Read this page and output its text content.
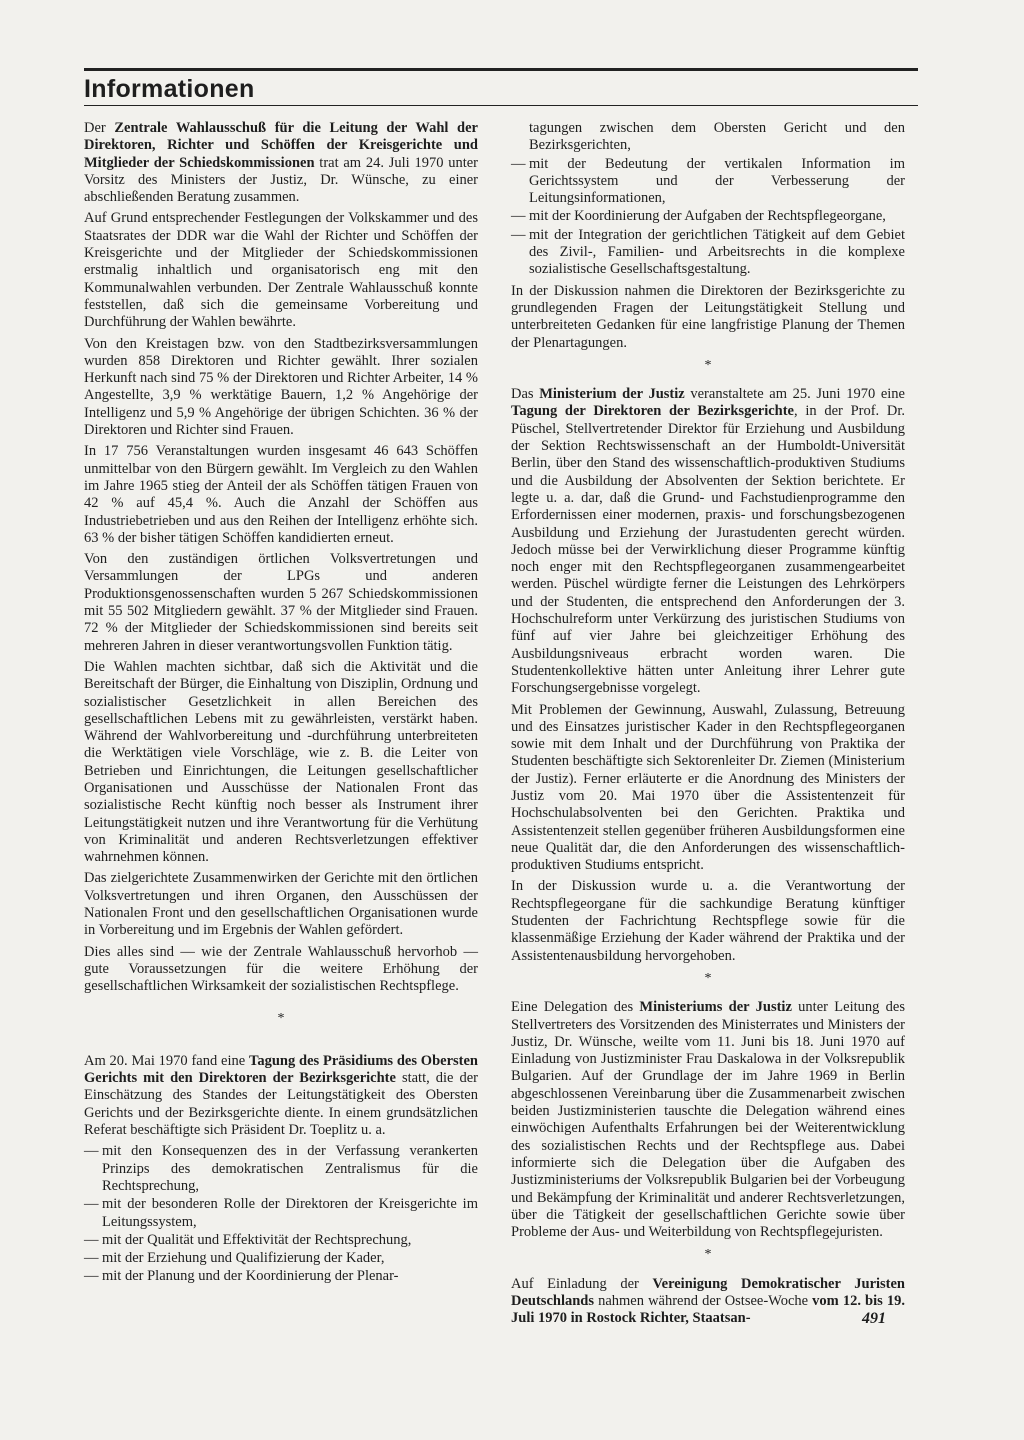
Informationen

Der Zentrale Wahlausschuß für die Leitung der Wahl der Direktoren, Richter und Schöffen der Kreisgerichte und Mitglieder der Schiedskommissionen trat am 24. Juli 1970 unter Vorsitz des Ministers der Justiz, Dr. Wünsche, zu einer abschließenden Beratung zusammen.

Auf Grund entsprechender Festlegungen der Volkskammer und des Staatsrates der DDR war die Wahl der Richter und Schöffen der Kreisgerichte und der Mitglieder der Schiedskommissionen erstmalig inhaltlich und organisatorisch eng mit den Kommunalwahlen verbunden. Der Zentrale Wahlausschuß konnte feststellen, daß sich die gemeinsame Vorbereitung und Durchführung der Wahlen bewährte.

Von den Kreistagen bzw. von den Stadtbezirksversammlungen wurden 858 Direktoren und Richter gewählt. Ihrer sozialen Herkunft nach sind 75 % der Direktoren und Richter Arbeiter, 14 % Angestellte, 3,9 % werktätige Bauern, 1,2 % Angehörige der Intelligenz und 5,9 % Angehörige der übrigen Schichten. 36 % der Direktoren und Richter sind Frauen.

In 17 756 Veranstaltungen wurden insgesamt 46 643 Schöffen unmittelbar von den Bürgern gewählt. Im Vergleich zu den Wahlen im Jahre 1965 stieg der Anteil der als Schöffen tätigen Frauen von 42 % auf 45,4 %. Auch die Anzahl der Schöffen aus Industriebetrieben und aus den Reihen der Intelligenz erhöhte sich. 63 % der bisher tätigen Schöffen kandidierten erneut.

Von den zuständigen örtlichen Volksvertretungen und Versammlungen der LPGs und anderen Produktionsgenossenschaften wurden 5 267 Schiedskommissionen mit 55 502 Mitgliedern gewählt. 37 % der Mitglieder sind Frauen. 72 % der Mitglieder der Schiedskommissionen sind bereits seit mehreren Jahren in dieser verantwortungsvollen Funktion tätig.

Die Wahlen machten sichtbar, daß sich die Aktivität und die Bereitschaft der Bürger, die Einhaltung von Disziplin, Ordnung und sozialistischer Gesetzlichkeit in allen Bereichen des gesellschaftlichen Lebens mit zu gewährleisten, verstärkt haben. Während der Wahlvorbereitung und -durchführung unterbreiteten die Werktätigen viele Vorschläge, wie z. B. die Leiter von Betrieben und Einrichtungen, die Leitungen gesellschaftlicher Organisationen und Ausschüsse der Nationalen Front das sozialistische Recht künftig noch besser als Instrument ihrer Leitungstätigkeit nutzen und ihre Verantwortung für die Verhütung von Kriminalität und anderen Rechtsverletzungen effektiver wahrnehmen können.

Das zielgerichtete Zusammenwirken der Gerichte mit den örtlichen Volksvertretungen und ihren Organen, den Ausschüssen der Nationalen Front und den gesellschaftlichen Organisationen wurde in Vorbereitung und im Ergebnis der Wahlen gefördert.

Dies alles sind — wie der Zentrale Wahlausschuß hervorhob — gute Voraussetzungen für die weitere Erhöhung der gesellschaftlichen Wirksamkeit der sozialistischen Rechtspflege.

*

Am 20. Mai 1970 fand eine Tagung des Präsidiums des Obersten Gerichts mit den Direktoren der Bezirksgerichte statt, die der Einschätzung des Standes der Leitungstätigkeit des Obersten Gerichts und der Bezirksgerichte diente. In einem grundsätzlichen Referat beschäftigte sich Präsident Dr. Toeplitz u. a.

— mit den Konsequenzen des in der Verfassung verankerten Prinzips des demokratischen Zentralismus für die Rechtsprechung,
— mit der besonderen Rolle der Direktoren der Kreisgerichte im Leitungssystem,
— mit der Qualität und Effektivität der Rechtsprechung,
— mit der Erziehung und Qualifizierung der Kader,
— mit der Planung und der Koordinierung der Plenar-

tagungen zwischen dem Obersten Gericht und den Bezirksgerichten,

— mit der Bedeutung der vertikalen Information im Gerichtssystem und der Verbesserung der Leitungsinformationen,
— mit der Koordinierung der Aufgaben der Rechtspflegeorgane,
— mit der Integration der gerichtlichen Tätigkeit auf dem Gebiet des Zivil-, Familien- und Arbeitsrechts in die komplexe sozialistische Gesellschaftsgestaltung.

In der Diskussion nahmen die Direktoren der Bezirksgerichte zu grundlegenden Fragen der Leitungstätigkeit Stellung und unterbreiteten Gedanken für eine langfristige Planung der Themen der Plenartagungen.

*

Das Ministerium der Justiz veranstaltete am 25. Juni 1970 eine Tagung der Direktoren der Bezirksgerichte, in der Prof. Dr. Püschel, Stellvertretender Direktor für Erziehung und Ausbildung der Sektion Rechtswissenschaft an der Humboldt-Universität Berlin, über den Stand des wissenschaftlich-produktiven Studiums und die Ausbildung der Absolventen der Sektion berichtete. Er legte u. a. dar, daß die Grund- und Fachstudienprogramme den Erfordernissen einer modernen, praxis- und forschungsbezogenen Ausbildung und Erziehung der Jurastudenten gerecht würden. Jedoch müsse bei der Verwirklichung dieser Programme künftig noch enger mit den Rechtspflegeorganen zusammengearbeitet werden. Püschel würdigte ferner die Leistungen des Lehrkörpers und der Studenten, die entsprechend den Anforderungen der 3. Hochschulreform unter Verkürzung des juristischen Studiums von fünf auf vier Jahre bei gleichzeitiger Erhöhung des Ausbildungsniveaus erbracht worden waren. Die Studentenkollektive hätten unter Anleitung ihrer Lehrer gute Forschungsergebnisse vorgelegt.

Mit Problemen der Gewinnung, Auswahl, Zulassung, Betreuung und des Einsatzes juristischer Kader in den Rechtspflegeorganen sowie mit dem Inhalt und der Durchführung von Praktika der Studenten beschäftigte sich Sektorenleiter Dr. Ziemen (Ministerium der Justiz). Ferner erläuterte er die Anordnung des Ministers der Justiz vom 20. Mai 1970 über die Assistentenzeit für Hochschulabsolventen bei den Gerichten. Praktika und Assistentenzeit stellen gegenüber früheren Ausbildungsformen eine neue Qualität dar, die den Anforderungen des wissenschaftlich-produktiven Studiums entspricht.

In der Diskussion wurde u. a. die Verantwortung der Rechtspflegeorgane für die sachkundige Beratung künftiger Studenten der Fachrichtung Rechtspflege sowie für die klassenmäßige Erziehung der Kader während der Praktika und der Assistentenausbildung hervorgehoben.

*

Eine Delegation des Ministeriums der Justiz unter Leitung des Stellvertreters des Vorsitzenden des Ministerrates und Ministers der Justiz, Dr. Wünsche, weilte vom 11. Juni bis 18. Juni 1970 auf Einladung von Justizminister Frau Daskalowa in der Volksrepublik Bulgarien. Auf der Grundlage der im Jahre 1969 in Berlin abgeschlossenen Vereinbarung über die Zusammenarbeit zwischen beiden Justizministerien tauschte die Delegation während eines einwöchigen Aufenthalts Erfahrungen bei der Weiterentwicklung des sozialistischen Rechts und der Rechtspflege aus. Dabei informierte sich die Delegation über die Aufgaben des Justizministeriums der Volksrepublik Bulgarien bei der Vorbeugung und Bekämpfung der Kriminalität und anderer Rechtsverletzungen, über die Tätigkeit der gesellschaftlichen Gerichte sowie über Probleme der Aus- und Weiterbildung von Rechtspflegejuristen.

*

Auf Einladung der Vereinigung Demokratischer Juristen Deutschlands nahmen während der Ostsee-Woche vom 12. bis 19. Juli 1970 in Rostock Richter, Staatsan-	491
